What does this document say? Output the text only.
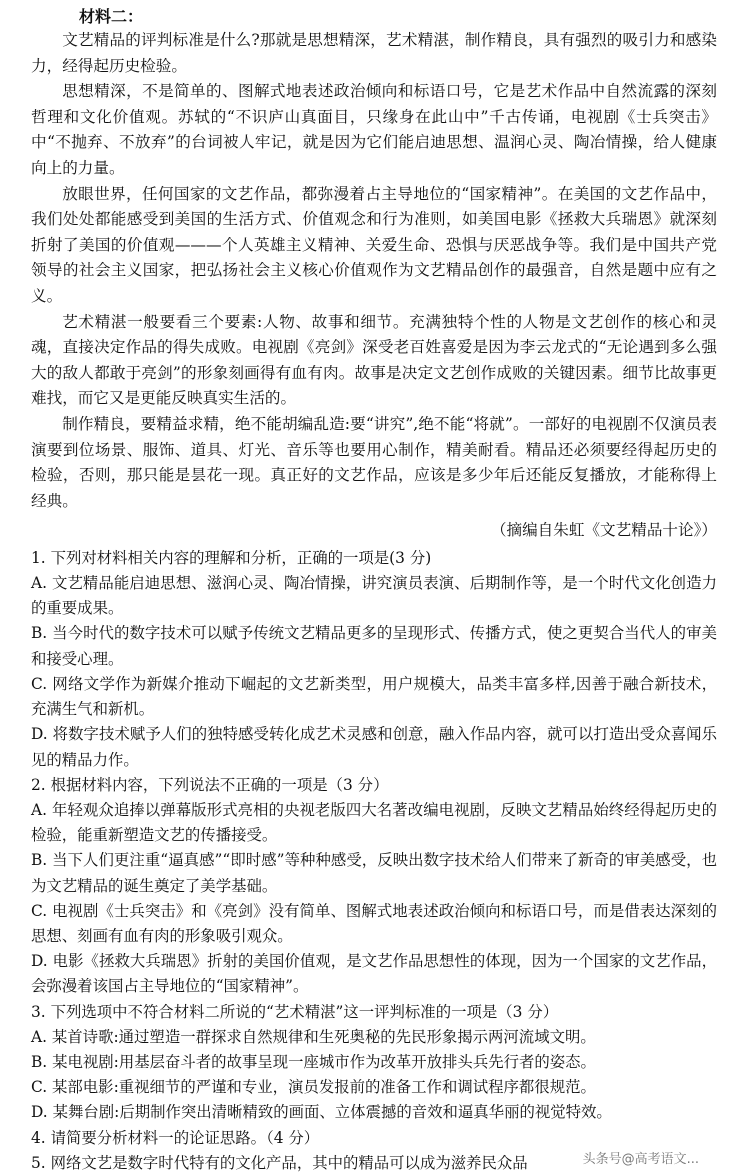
材料二：

文艺精品的评判标准是什么?那就是思想精深，艺术精湛，制作精良，具有强烈的吸引力和感染力，经得起历史检验。

思想精深，不是简单的、图解式地表述政治倾向和标语口号，它是艺术作品中自然流露的深刻哲理和文化价值观。苏轼的“不识庐山真面目，只缘身在此山中”千古传诵，电视剧《士兵突击》中“不抛弃、不放弃”的台词被人牢记，就是因为它们能启迪思想、温润心灵、陶冶情操，给人健康向上的力量。

放眼世界，任何国家的文艺作品，都弥漫着占主导地位的“国家精神”。在美国的文艺作品中，我们处处都能感受到美国的生活方式、价值观念和行为准则，如美国电影《拯救大兵瑞恩》就深刻折射了美国的价值观———个人英雄主义精神、关爱生命、恐惧与厌恶战争等。我们是中国共产党领导的社会主义国家，把弘扬社会主义核心价值观作为文艺精品创作的最强音，自然是题中应有之义。

艺术精湛一般要看三个要素:人物、故事和细节。充满独特个性的人物是文艺创作的核心和灵魂，直接决定作品的得失成败。电视剧《亮剑》深受老百姓喜爱是因为李云龙式的“无论遇到多么强大的敌人都敢于亮剑”的形象刻画得有血有肉。故事是决定文艺创作成败的关键因素。细节比故事更难找，而它又是更能反映真实生活的。

制作精良，要精益求精，绝不能胡编乱造:要“讲究”,绝不能“将就”。一部好的电视剧不仅演员表演要到位场景、服饰、道具、灯光、音乐等也要用心制作，精美耐看。精品还必须要经得起历史的检验，否则，那只能是昙花一现。真正好的文艺作品，应该是多少年后还能反复播放，才能称得上经典。

（摘编自朱虹《文艺精品十论》）

1. 下列对材料相关内容的理解和分析，正确的一项是(3 分)

A. 文艺精品能启迪思想、滋润心灵、陶冶情操，讲究演员表演、后期制作等，是一个时代文化创造力的重要成果。

B. 当今时代的数字技术可以赋予传统文艺精品更多的呈现形式、传播方式，使之更契合当代人的审美和接受心理。

C. 网络文学作为新媒介推动下崛起的文艺新类型，用户规模大，品类丰富多样,因善于融合新技术，充满生气和新机。

D. 将数字技术赋予人们的独特感受转化成艺术灵感和创意，融入作品内容，就可以打造出受众喜闻乐见的精品力作。

2. 根据材料内容，下列说法不正确的一项是（3 分）

A. 年轻观众追捧以弹幕版形式亮相的央视老版四大名著改编电视剧，反映文艺精品始终经得起历史的检验，能重新塑造文艺的传播接受。

B. 当下人们更注重“逼真感”“即时感”等种种感受，反映出数字技术给人们带来了新奇的审美感受，也为文艺精品的诞生奠定了美学基础。

C. 电视剧《士兵突击》和《亮剑》没有简单、图解式地表述政治倾向和标语口号，而是借表达深刻的思想、刻画有血有肉的形象吸引观众。

D. 电影《拯救大兵瑞恩》折射的美国价值观，是文艺作品思想性的体现，因为一个国家的文艺作品，会弥漫着该国占主导地位的“国家精神”。

3. 下列选项中不符合材料二所说的“艺术精湛”这一评判标准的一项是（3 分）

A. 某首诗歌:通过塑造一群探求自然规律和生死奥秘的先民形象揭示两河流域文明。

B. 某电视剧:用基层奋斗者的故事呈现一座城市作为改革开放排头兵先行者的姿态。

C. 某部电影:重视细节的严谨和专业，演员发报前的准备工作和调试程序都很规范。

D. 某舞台剧:后期制作突出清晰精致的画面、立体震撼的音效和逼真华丽的视觉特效。

4. 请简要分析材料一的论证思路。（4 分）

5. 网络文艺是数字时代特有的文化产品，其中的精品可以成为滋养民众品	头条号@高考语文...
